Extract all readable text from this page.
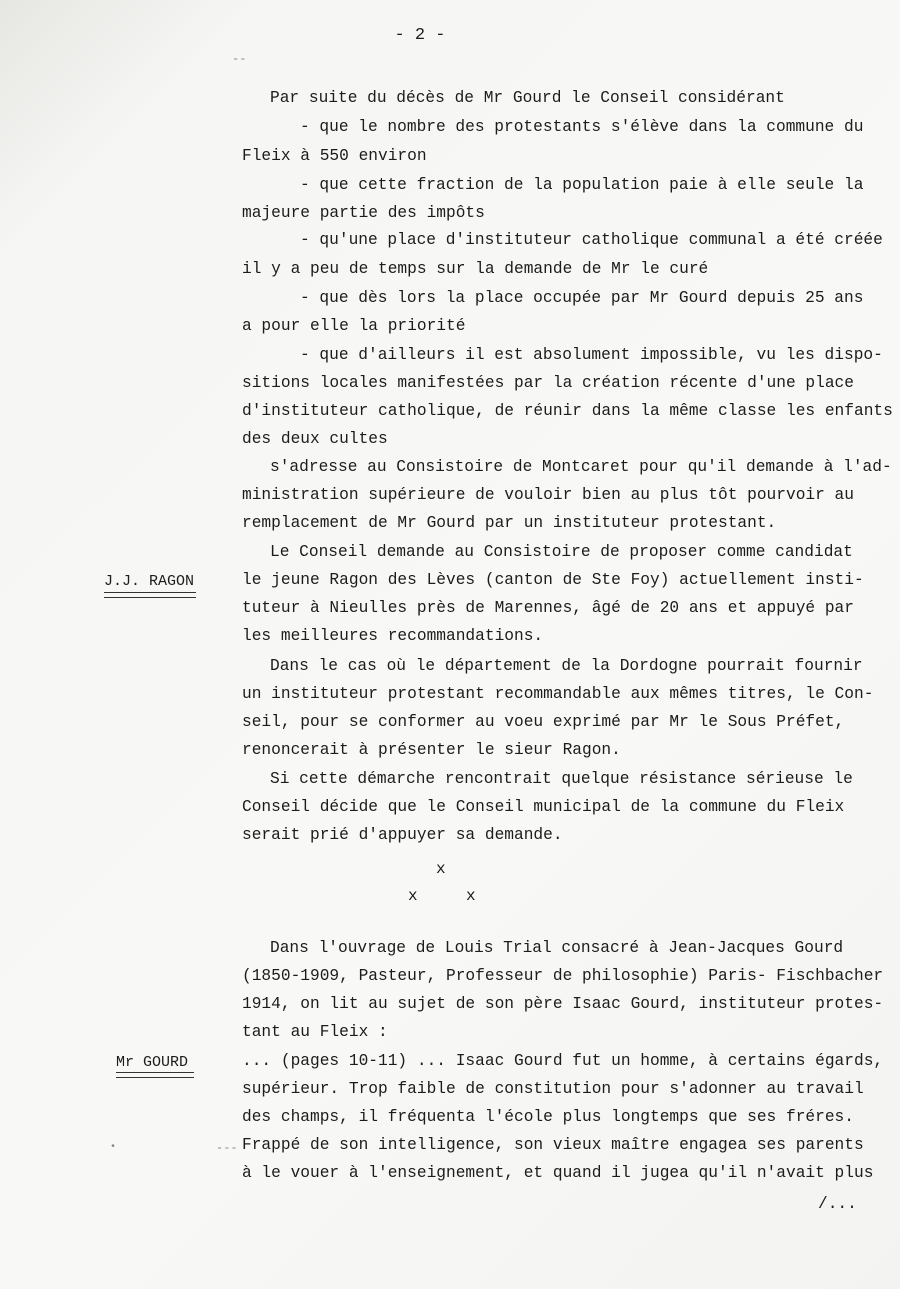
- 2 -
‐‐
Par suite du décès de Mr Gourd le Conseil considérant
- que le nombre des protestants s'élève dans la commune du
Fleix à 550 environ
- que cette fraction de la population paie à elle seule la
majeure partie des impôts
- qu'une place d'instituteur catholique communal a été créée
il y a peu de temps sur la demande de Mr le curé
- que dès lors la place occupée par Mr Gourd depuis 25 ans
a pour elle la priorité
- que d'ailleurs il est absolument impossible, vu les dispo-
sitions locales manifestées par la création récente d'une place
d'instituteur catholique, de réunir dans la même classe les enfants
des deux cultes
s'adresse au Consistoire de Montcaret pour qu'il demande à l'ad-
ministration supérieure de vouloir bien au plus tôt pourvoir au
remplacement de Mr Gourd par un instituteur protestant.
J.J. RAGON
Le Conseil demande au Consistoire de proposer comme candidat
le jeune Ragon des Lèves (canton de Ste Foy) actuellement insti-
tuteur à Nieulles près de Marennes, âgé de 20 ans et appuyé par
les meilleures recommandations.
Dans le cas où le département de la Dordogne pourrait fournir
un instituteur protestant recommandable aux mêmes titres, le Con-
seil, pour se conformer au voeu exprimé par Mr le Sous Préfet,
renoncerait à présenter le sieur Ragon.
Si cette démarche rencontrait quelque résistance sérieuse le
Conseil décide que le Conseil municipal de la commune du Fleix
serait prié d'appuyer sa demande.
x
x	x
Dans l'ouvrage de Louis Trial consacré à Jean-Jacques Gourd
(1850-1909, Pasteur, Professeur de philosophie) Paris- Fischbacher
1914, on lit au sujet de son père Isaac Gourd, instituteur protes-
tant au Fleix :
Mr GOURD	... (pages 10-11) ... Isaac Gourd fut un homme, à certains égards,
supérieur. Trop faible de constitution pour s'adonner au travail
des champs, il fréquenta l'école plus longtemps que ses fréres.
‐‐‐
•	Frappé de son intelligence, son vieux maître engagea ses parents
à le vouer à l'enseignement, et quand il jugea qu'il n'avait plus
/...
